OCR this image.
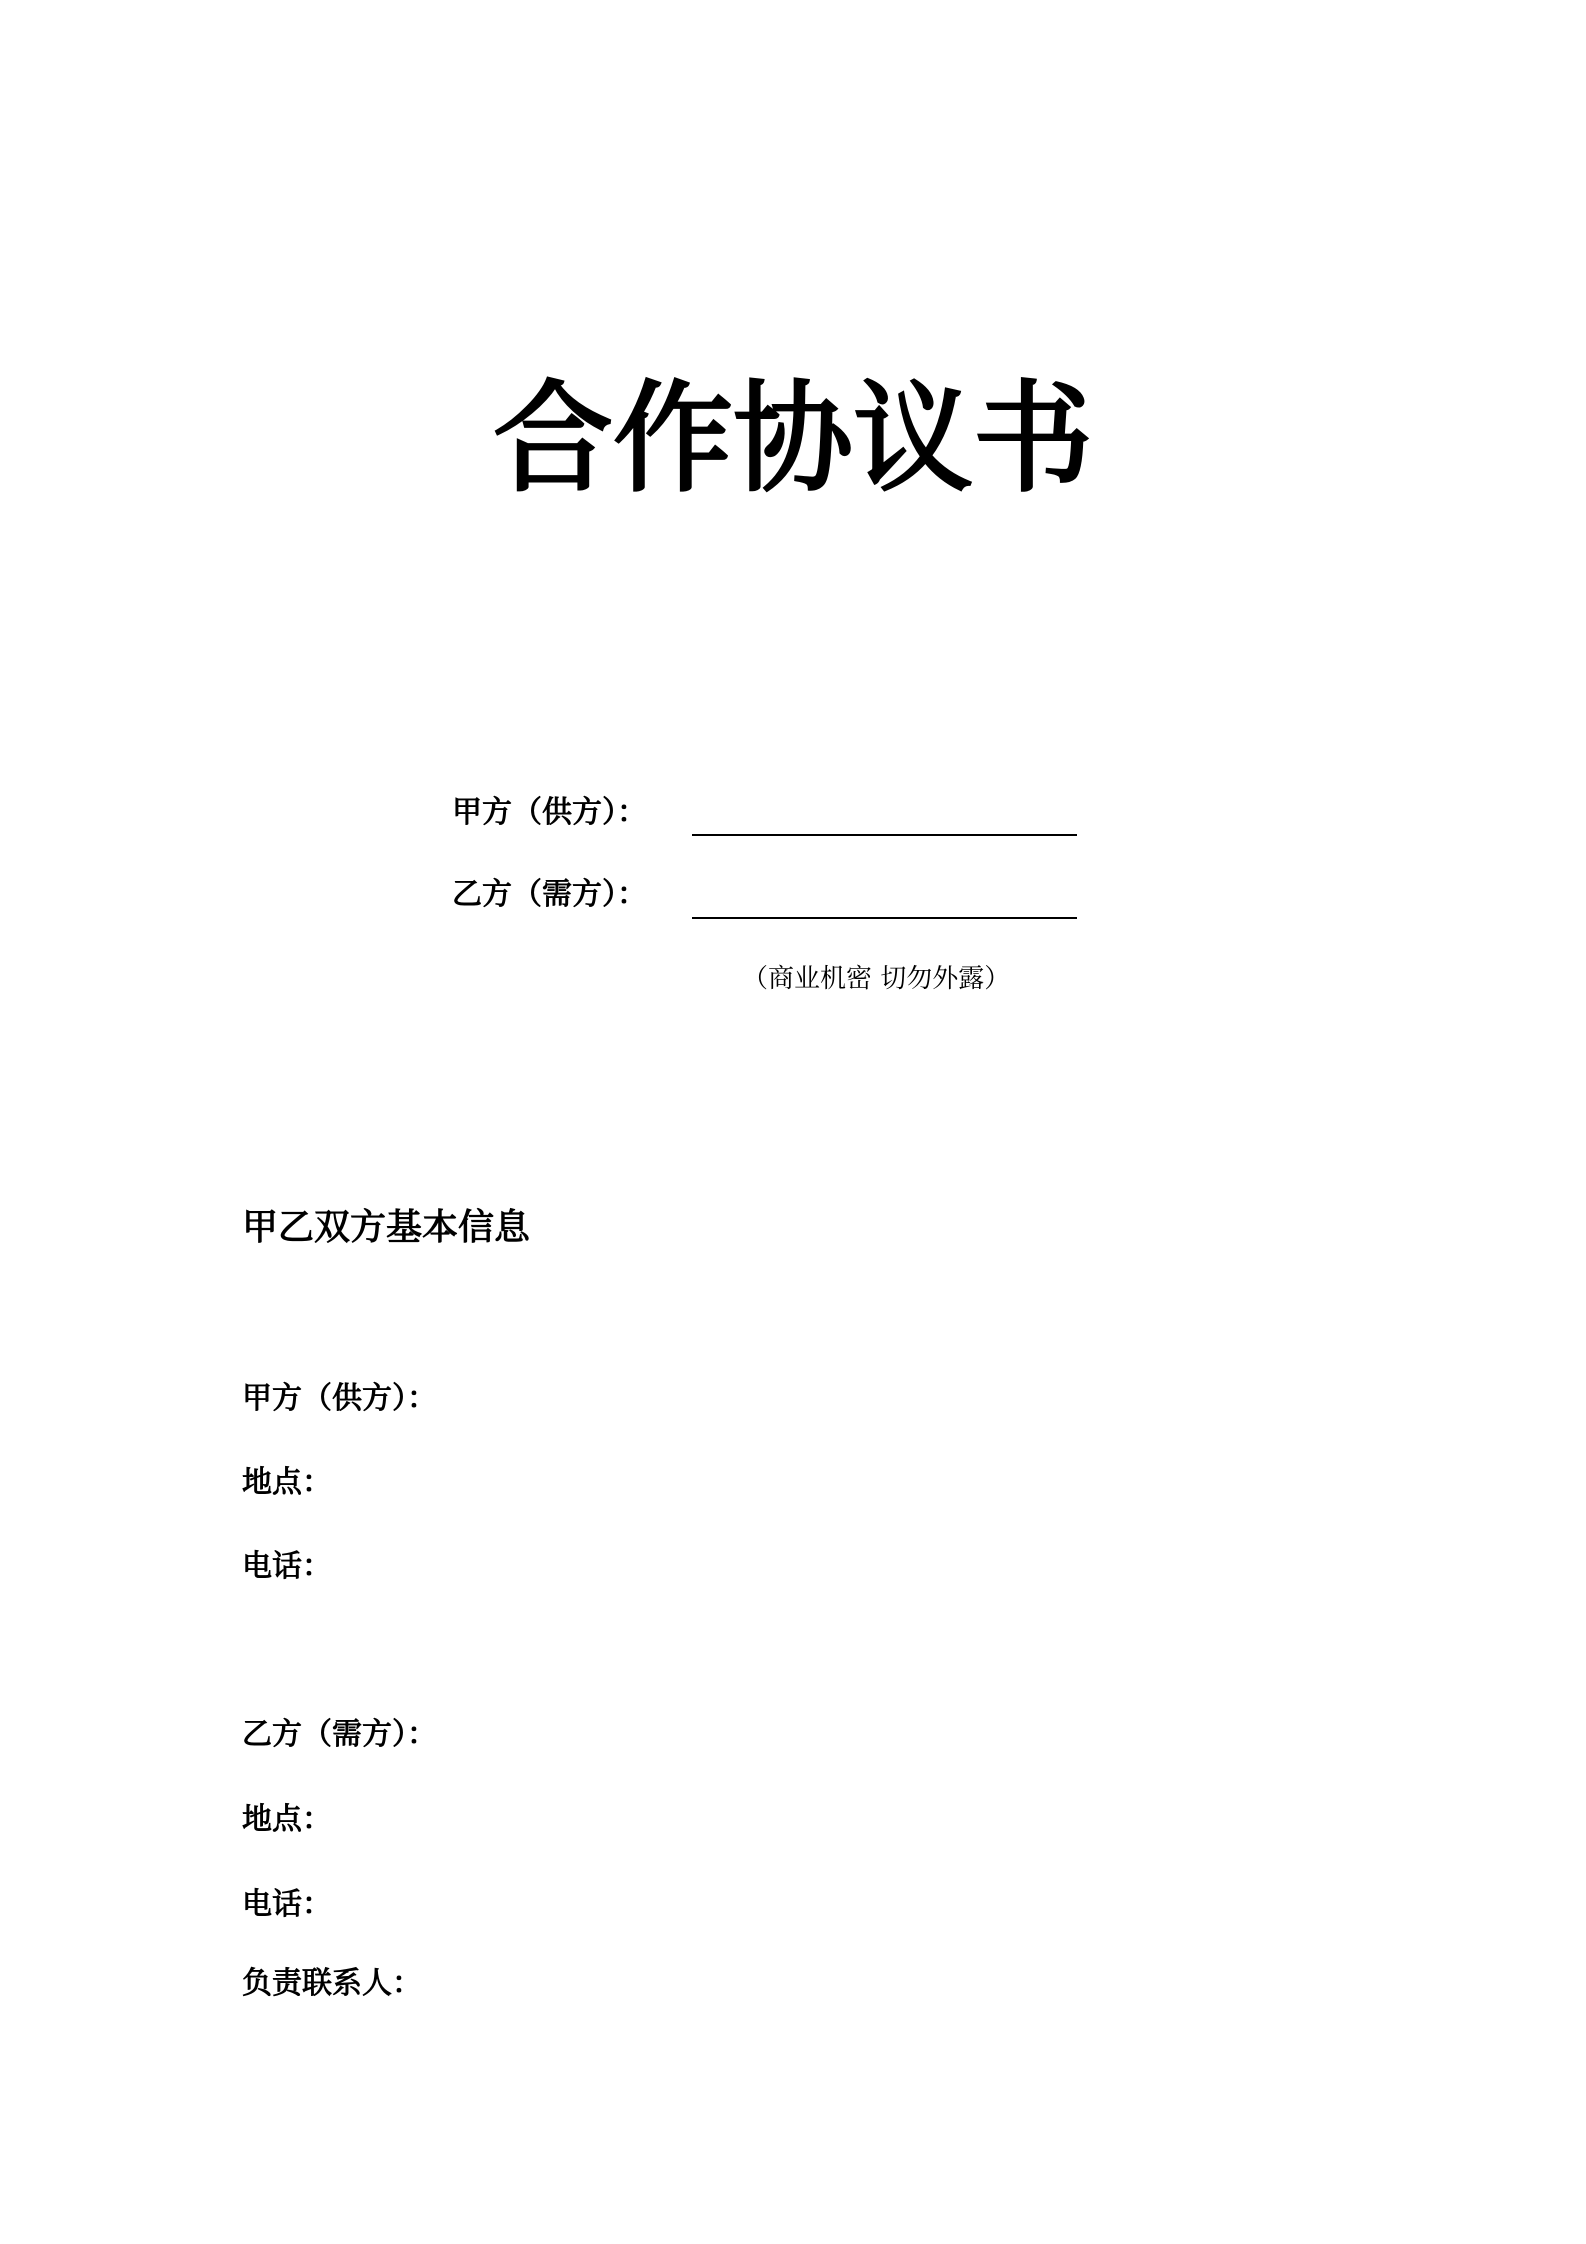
合作协议书
甲方（供方）：
乙方（需方）：
（商业机密 切勿外露）
甲乙双方基本信息
甲方（供方）：
地点：
电话：
乙方（需方）：
地点：
电话：
负责联系人：
